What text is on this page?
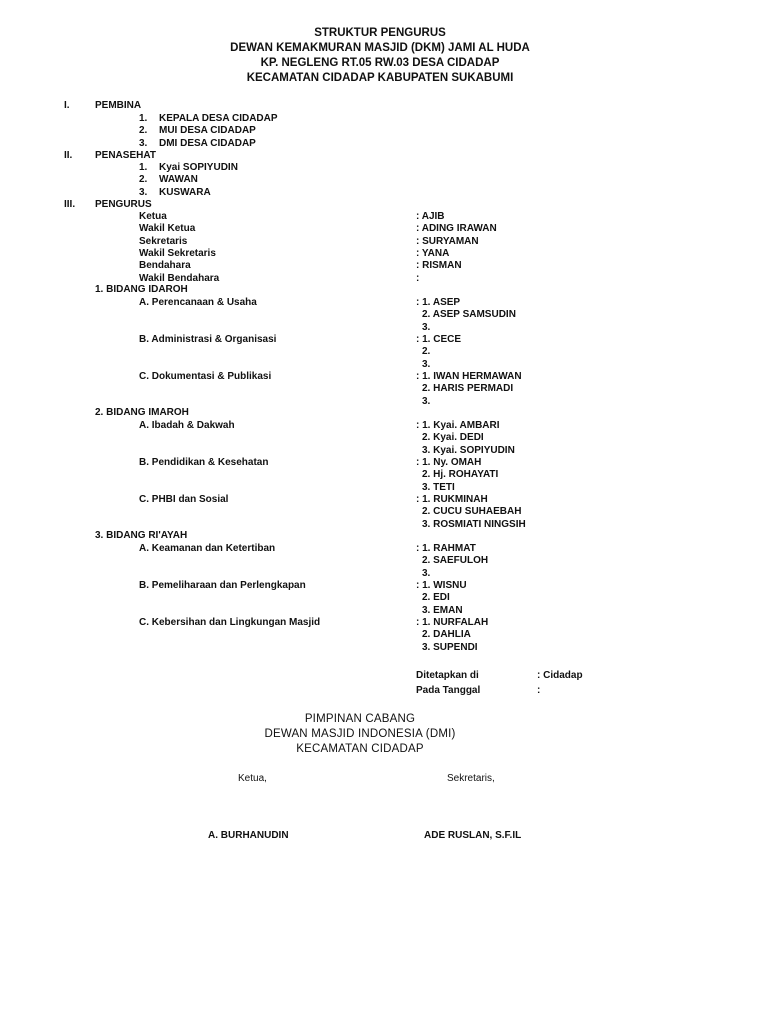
STRUKTUR PENGURUS
DEWAN KEMAKMURAN MASJID (DKM) JAMI AL HUDA
KP. NEGLENG RT.05 RW.03 DESA CIDADAP
KECAMATAN CIDADAP KABUPATEN SUKABUMI
I.	PEMBINA
1. KEPALA DESA CIDADAP
2. MUI DESA CIDADAP
3. DMI DESA CIDADAP
II. PENASEHAT
1. Kyai SOPIYUDIN
2. WAWAN
3. KUSWARA
III. PENGURUS
Ketua	: AJIB
Wakil Ketua	: ADING IRAWAN
Sekretaris	: SURYAMAN
Wakil Sekretaris	: YANA
Bendahara	: RISMAN
Wakil Bendahara	:
1. BIDANG IDAROH
A. Perencanaan & Usaha	: 1. ASEP
2. ASEP SAMSUDIN
3.
B. Administrasi & Organisasi	: 1. CECE
2.
3.
C. Dokumentasi & Publikasi	: 1. IWAN HERMAWAN
2. HARIS PERMADI
3.
2. BIDANG IMAROH
A. Ibadah & Dakwah	: 1. Kyai. AMBARI
2. Kyai. DEDI
3. Kyai. SOPIYUDIN
B. Pendidikan & Kesehatan	: 1. Ny. OMAH
2. Hj. ROHAYATI
3. TETI
C. PHBI dan Sosial	: 1. RUKMINAH
2. CUCU SUHAEBAH
3. ROSMIATI NINGSIH
3. BIDANG RI'AYAH
A. Keamanan dan Ketertiban	: 1. RAHMAT
2. SAEFULOH
3.
B. Pemeliharaan dan Perlengkapan	: 1. WISNU
2. EDI
3. EMAN
C. Kebersihan dan Lingkungan Masjid	: 1. NURFALAH
2. DAHLIA
3. SUPENDI
Ditetapkan di	: Cidadap
Pada Tanggal	:
PIMPINAN CABANG
DEWAN MASJID INDONESIA (DMI)
KECAMATAN CIDADAP
Ketua,	Sekretaris,
A. BURHANUDIN	ADE RUSLAN, S.F.IL
